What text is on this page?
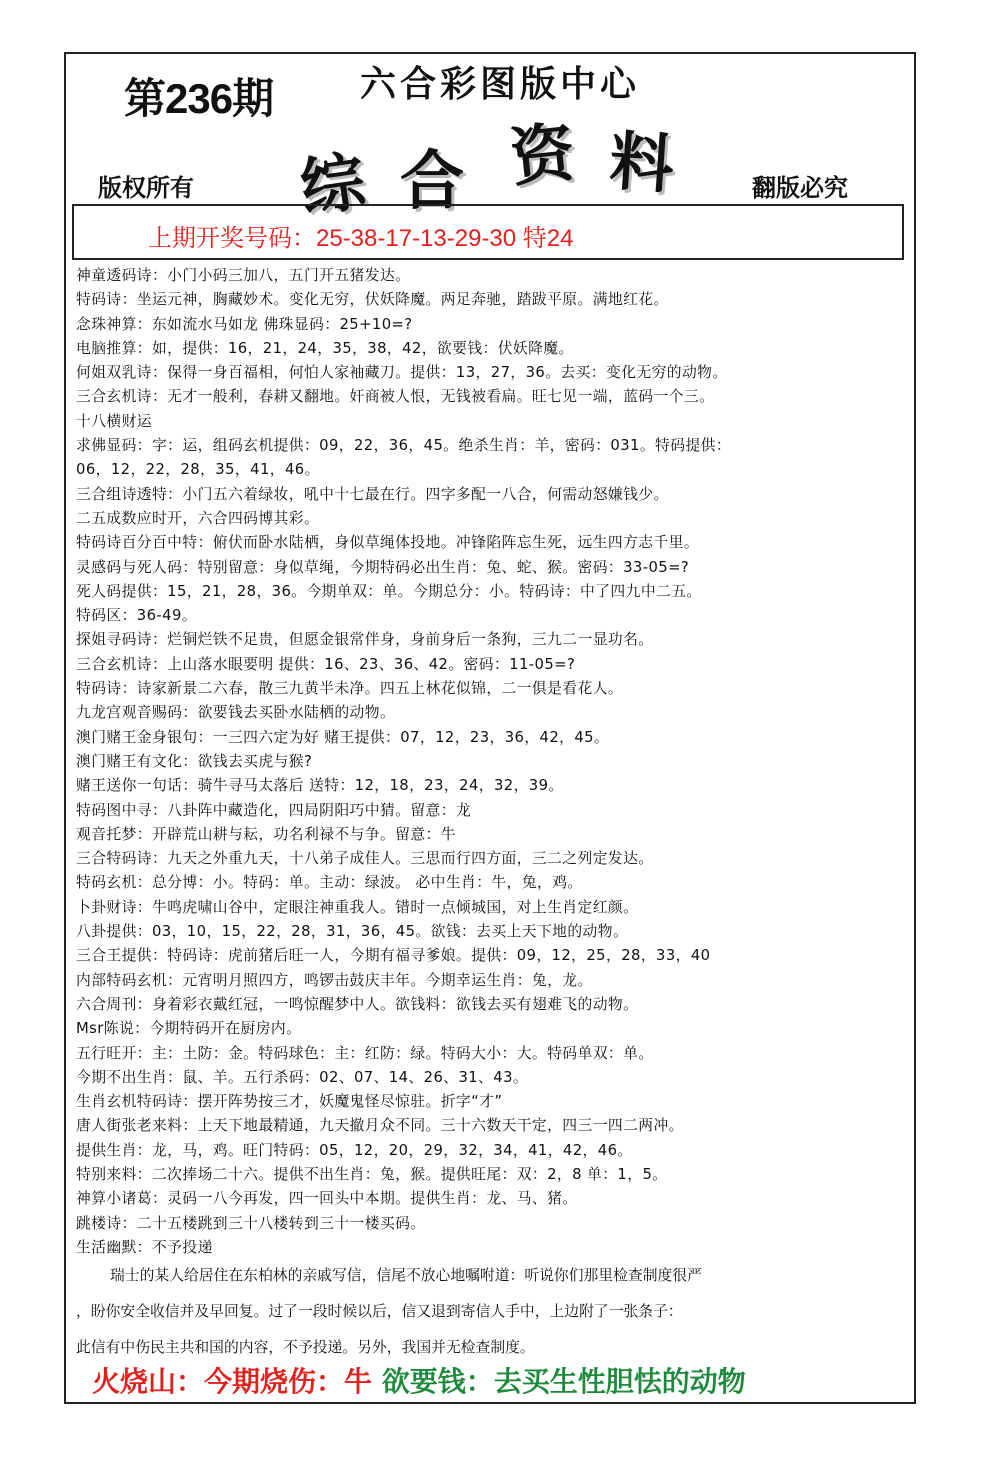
第236期 六合彩图版中心
综 合 资 料
版权所有	翻版必究
上期开奖号码：25-38-17-13-29-30 特24
神童透码诗：小门小码三加八，五门开五猪发达。
特码诗：坐运元神，胸藏妙术。变化无穷，伏妖降魔。两足奔驰，踏跋平原。满地红花。
念珠神算：东如流水马如龙 佛珠显码：25+10=?
电脑推算：如，提供：16，21，24，35，38，42，欲要钱：伏妖降魔。
何姐双乳诗：保得一身百福相，何怕人家袖藏刀。提供：13，27，36。去买：变化无穷的动物。
三合玄机诗：无才一般利，春耕又翻地。奸商被人恨，无钱被看扁。旺七见一端，蓝码一个三。
十八横财运
求佛显码：字：运，组码玄机提供：09，22，36，45。绝杀生肖：羊，密码：031。特码提供：
06，12，22，28，35，41，46。
三合组诗透特：小门五六着绿妆，吼中十七最在行。四字多配一八合，何需动怒嫌钱少。
二五成数应时开，六合四码博其彩。
特码诗百分百中特：俯伏而卧水陆栖，身似草绳体投地。冲锋陷阵忘生死，远生四方志千里。
灵感码与死人码：特别留意：身似草绳，今期特码必出生肖：兔、蛇、猴。密码：33-05=?
死人码提供：15，21，28，36。今期单双：单。今期总分：小。特码诗：中了四九中二五。
特码区：36-49。
探姐寻码诗：烂铜烂铁不足贵，但愿金银常伴身，身前身后一条狗，三九二一显功名。
三合玄机诗：上山落水眼要明 提供：16、23、36、42。密码：11-05=?
特码诗：诗家新景二六春，散三九黄半未净。四五上林花似锦，二一俱是看花人。
九龙宫观音赐码：欲要钱去买卧水陆栖的动物。
澳门赌王金身银句：一三四六定为好 赌王提供：07，12，23，36，42，45。
澳门赌王有文化：欲钱去买虎与猴?
赌王送你一句话：骑牛寻马太落后 送特：12，18，23，24，32，39。
特码图中寻：八卦阵中藏造化，四局阴阳巧中猜。留意：龙
观音托梦：开辟荒山耕与耘，功名利禄不与争。留意：牛
三合特码诗：九天之外重九天，十八弟子成佳人。三思而行四方面，三二之列定发达。
特码玄机：总分博：小。特码：单。主动：绿波。 必中生肖：牛，兔，鸡。
卜卦财诗：牛鸣虎啸山谷中，定眼注神重我人。错时一点倾城国，对上生肖定红颜。
八卦提供：03，10，15，22，28，31，36，45。欲钱：去买上天下地的动物。
三合王提供：特码诗：虎前猪后旺一人，今期有福寻爹娘。提供：09，12，25，28，33，40
内部特码玄机：元宵明月照四方，鸣锣击鼓庆丰年。今期幸运生肖：兔，龙。
六合周刊：身着彩衣戴红冠，一鸣惊醒梦中人。欲钱料：欲钱去买有翅难飞的动物。
Msr陈说：今期特码开在厨房内。
五行旺开：主：土防：金。特码球色：主：红防：绿。特码大小：大。特码单双：单。
今期不出生肖：鼠、羊。五行杀码：02、07、14、26、31、43。
生肖玄机特码诗：摆开阵势按三才，妖魔鬼怪尽惊驻。折字“才”
唐人街张老来料：上天下地最精通，九天撤月众不同。三十六数天干定，四三一四二两冲。
提供生肖：龙，马，鸡。旺门特码：05，12，20，29，32，34，41，42，46。
特别来料：二次捧场二十六。提供不出生肖：兔，猴。提供旺尾：双：2，8 单：1，5。
神算小诸葛：灵码一八今再发，四一回头中本期。提供生肖：龙、马、猪。
跳楼诗：二十五楼跳到三十八楼转到三十一楼买码。
生活幽默：不予投递
瑞士的某人给居住在东柏林的亲戚写信，信尾不放心地嘱咐道：听说你们那里检查制度很严
，盼你安全收信并及早回复。过了一段时候以后，信又退到寄信人手中，上边附了一张条子：
此信有中伤民主共和国的内容，不予投递。另外，我国并无检查制度。
火烧山：今期烧伤：牛 欲要钱：去买生性胆怯的动物
